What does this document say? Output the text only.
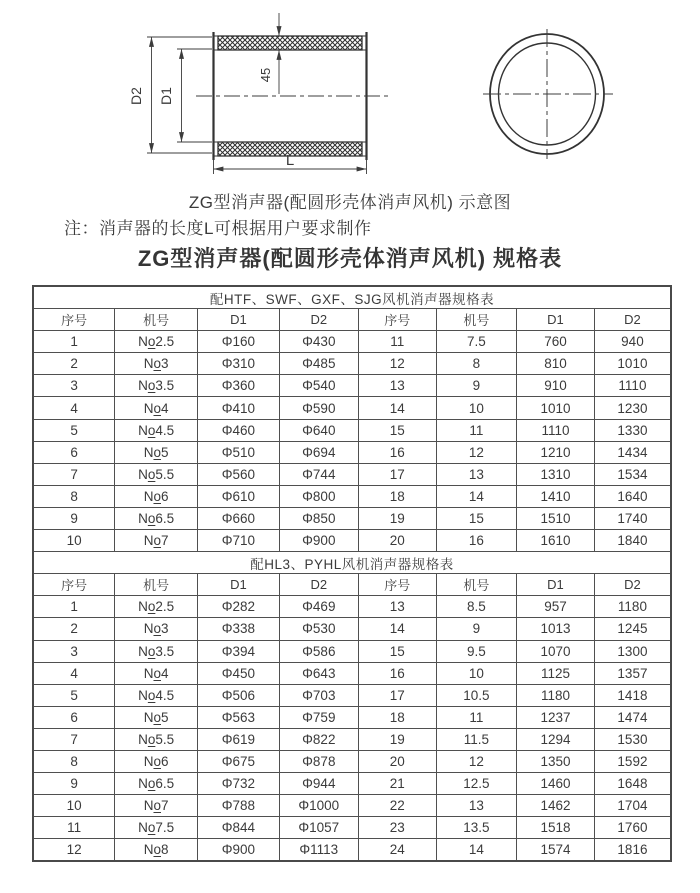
D2 D1
45
L
ZG型消声器(配圆形壳体消声风机) 示意图
注：消声器的长度L可根据用户要求制作
ZG型消声器(配圆形壳体消声风机) 规格表
配HTF、SWF、GXF、SJG风机消声器规格表							
序号	机号	D1	D2	序号	机号	D1	D2
1	No2.5	Φ160	Φ430	11	7.5	760	940
2	No3	Φ310	Φ485	12	8	810	1010
3	No3.5	Φ360	Φ540	13	9	910	1110
4	No4	Φ410	Φ590	14	10	1010	1230
5	No4.5	Φ460	Φ640	15	11	1110	1330
6	No5	Φ510	Φ694	16	12	1210	1434
7	No5.5	Φ560	Φ744	17	13	1310	1534
8	No6	Φ610	Φ800	18	14	1410	1640
9	No6.5	Φ660	Φ850	19	15	1510	1740
10	No7	Φ710	Φ900	20	16	1610	1840
配HL3、PYHL风机消声器规格表							
序号	机号	D1	D2	序号	机号	D1	D2
1	No2.5	Φ282	Φ469	13	8.5	957	1180
2	No3	Φ338	Φ530	14	9	1013	1245
3	No3.5	Φ394	Φ586	15	9.5	1070	1300
4	No4	Φ450	Φ643	16	10	1125	1357
5	No4.5	Φ506	Φ703	17	10.5	1180	1418
6	No5	Φ563	Φ759	18	11	1237	1474
7	No5.5	Φ619	Φ822	19	11.5	1294	1530
8	No6	Φ675	Φ878	20	12	1350	1592
9	No6.5	Φ732	Φ944	21	12.5	1460	1648
10	No7	Φ788	Φ1000	22	13	1462	1704
11	No7.5	Φ844	Φ1057	23	13.5	1518	1760
12	No8	Φ900	Φ1113	24	14	1574	1816
